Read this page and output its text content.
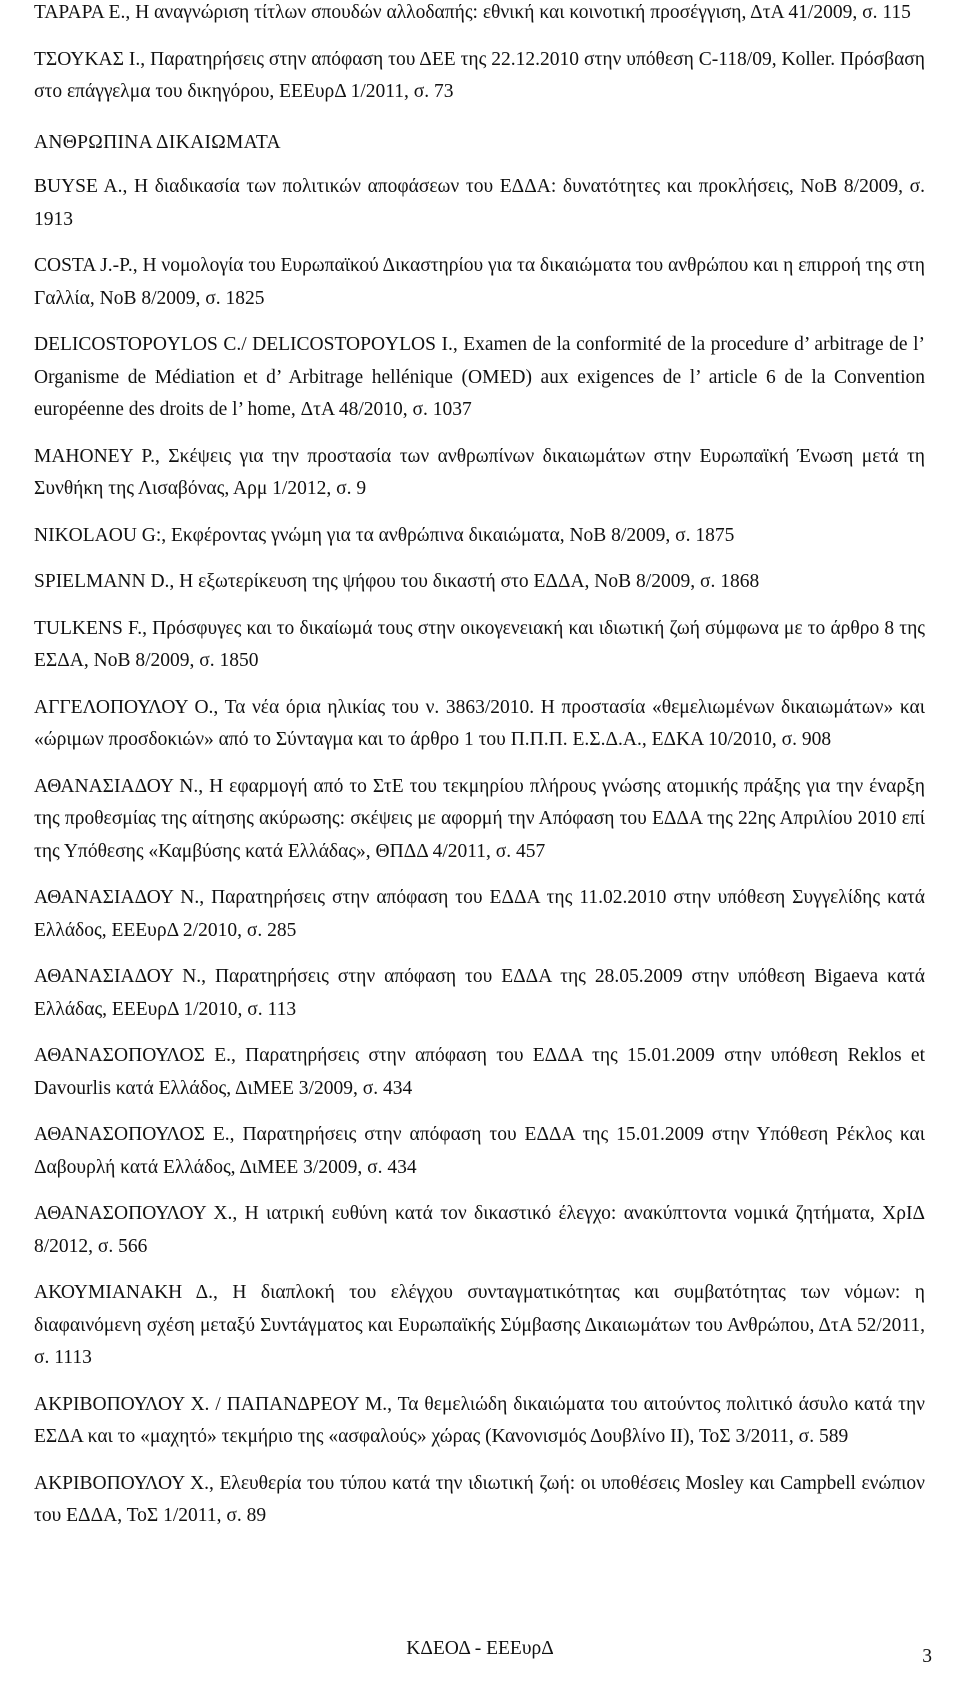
ΤΑΡΑΡΑ Ε., Η αναγνώριση τίτλων σπουδών αλλοδαπής: εθνική και κοινοτική προσέγγιση, ΔτΑ 41/2009, σ. 115

ΤΣΟΥΚΑΣ Ι., Παρατηρήσεις στην απόφαση του ΔΕΕ της 22.12.2010 στην υπόθεση C-118/09, Koller. Πρόσβαση στο επάγγελμα του δικηγόρου, ΕΕΕυρΔ 1/2011, σ. 73

ΑΝΘΡΩΠΙΝΑ ΔΙΚΑΙΩΜΑΤΑ

BUYSE A., Η διαδικασία των πολιτικών αποφάσεων του ΕΔΔΑ: δυνατότητες και προκλήσεις, ΝοΒ 8/2009, σ. 1913

COSTA J.-P., Η νομολογία του Ευρωπαϊκού Δικαστηρίου για τα δικαιώματα του ανθρώπου και η επιρροή της στη Γαλλία, ΝοΒ 8/2009, σ. 1825

DELICOSTOPOYLOS C./ DELICOSTOPOYLOS I., Examen de la conformité de la procedure d’ arbitrage de l’ Organisme de Médiation et d’ Arbitrage hellénique (OMED) aux exigences de l’ article 6 de la Convention européenne des droits de l’ home, ΔτΑ 48/2010, σ. 1037

MAHONEY P., Σκέψεις για την προστασία των ανθρωπίνων δικαιωμάτων στην Ευρωπαϊκή Ένωση μετά τη Συνθήκη της Λισαβόνας, Αρμ 1/2012, σ. 9

NIKOLAOU G:, Εκφέροντας γνώμη για τα ανθρώπινα δικαιώματα, ΝοΒ 8/2009, σ. 1875

SPIELMANN D., Η εξωτερίκευση της ψήφου του δικαστή στο ΕΔΔΑ, ΝοΒ 8/2009, σ. 1868

TULKENS F., Πρόσφυγες και το δικαίωμά τους στην οικογενειακή και ιδιωτική ζωή σύμφωνα με το άρθρο 8 της ΕΣΔΑ, ΝοΒ 8/2009, σ. 1850

ΑΓΓΕΛΟΠΟΥΛΟΥ Ο., Τα νέα όρια ηλικίας του ν. 3863/2010. Η προστασία «θεμελιωμένων δικαιωμάτων» και «ώριμων προσδοκιών» από το Σύνταγμα και το άρθρο 1 του Π.Π.Π. Ε.Σ.Δ.Α., ΕΔΚΑ 10/2010, σ. 908

ΑΘΑΝΑΣΙΑΔΟΥ Ν., Η εφαρμογή από το ΣτΕ του τεκμηρίου πλήρους γνώσης ατομικής πράξης για την έναρξη της προθεσμίας της αίτησης ακύρωσης: σκέψεις με αφορμή την Απόφαση του ΕΔΔΑ της 22ης Απριλίου 2010 επί της Υπόθεσης «Καμβύσης κατά Ελλάδας», ΘΠΔΔ 4/2011, σ. 457

ΑΘΑΝΑΣΙΑΔΟΥ Ν., Παρατηρήσεις στην απόφαση του ΕΔΔΑ της 11.02.2010 στην υπόθεση Συγγελίδης κατά Ελλάδος, ΕΕΕυρΔ 2/2010, σ. 285

ΑΘΑΝΑΣΙΑΔΟΥ Ν., Παρατηρήσεις στην απόφαση του ΕΔΔΑ της 28.05.2009 στην υπόθεση Bigaeva κατά Ελλάδας, ΕΕΕυρΔ 1/2010, σ. 113

ΑΘΑΝΑΣΟΠΟΥΛΟΣ Ε., Παρατηρήσεις στην απόφαση του ΕΔΔΑ της 15.01.2009 στην υπόθεση Reklos et Davourlis κατά Ελλάδος, ΔιΜΕΕ 3/2009, σ. 434

ΑΘΑΝΑΣΟΠΟΥΛΟΣ Ε., Παρατηρήσεις στην απόφαση του ΕΔΔΑ της 15.01.2009 στην Υπόθεση Ρέκλος και Δαβουρλή κατά Ελλάδος, ΔιΜΕΕ 3/2009, σ. 434

ΑΘΑΝΑΣΟΠΟΥΛΟΥ Χ., Η ιατρική ευθύνη κατά τον δικαστικό έλεγχο: ανακύπτοντα νομικά ζητήματα, ΧρΙΔ 8/2012, σ. 566

ΑΚΟΥΜΙΑΝΑΚΗ Δ., Η διαπλοκή του ελέγχου συνταγματικότητας και συμβατότητας των νόμων: η διαφαινόμενη σχέση μεταξύ Συντάγματος και Ευρωπαϊκής Σύμβασης Δικαιωμάτων του Ανθρώπου, ΔτΑ 52/2011, σ. 1113

ΑΚΡΙΒΟΠΟΥΛΟΥ Χ. / ΠΑΠΑΝΔΡΕΟΥ Μ., Τα θεμελιώδη δικαιώματα του αιτούντος πολιτικό άσυλο κατά την ΕΣΔΑ και το «μαχητό» τεκμήριο της «ασφαλούς» χώρας (Κανονισμός Δουβλίνο ΙΙ), ΤοΣ 3/2011, σ. 589

ΑΚΡΙΒΟΠΟΥΛΟΥ Χ., Ελευθερία του τύπου κατά την ιδιωτική ζωή: οι υποθέσεις Mosley και Campbell ενώπιον του ΕΔΔΑ, ΤοΣ 1/2011, σ. 89

ΚΔΕΟΔ - ΕΕΕυρΔ	3
